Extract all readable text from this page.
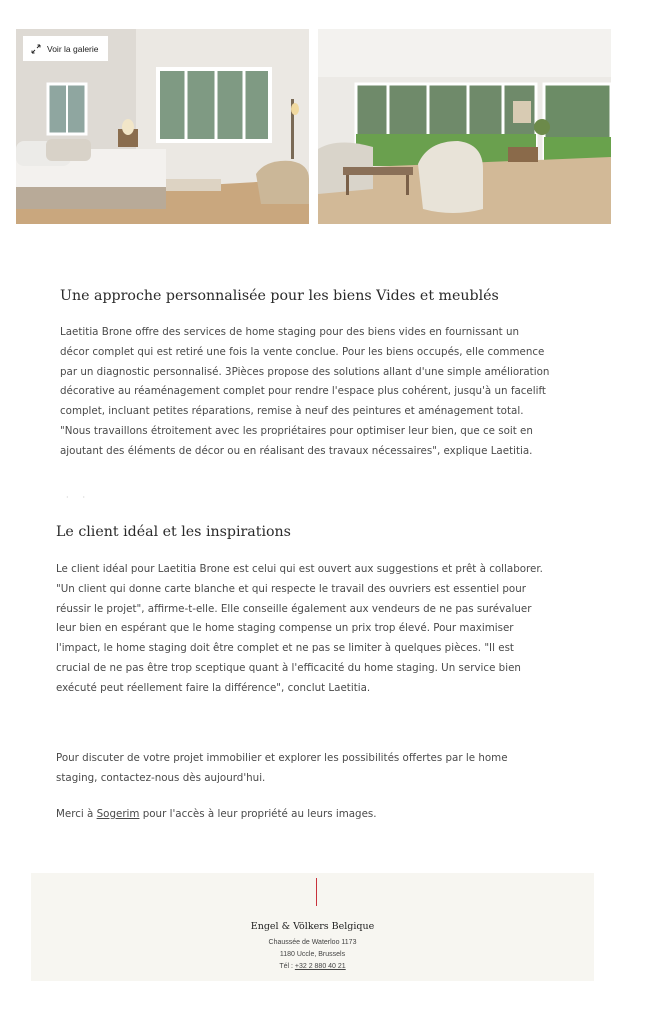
Voir la galerie
Une approche personnalisée pour les biens Vides et meublés

Laetitia Brone offre des services de home staging pour des biens vides en fournissant un décor complet qui est retiré une fois la vente conclue. Pour les biens occupés, elle commence par un diagnostic personnalisé. 3Pièces propose des solutions allant d'une simple amélioration décorative au réaménagement complet pour rendre l'espace plus cohérent, jusqu'à un facelift complet, incluant petites réparations, remise à neuf des peintures et aménagement total. "Nous travaillons étroitement avec les propriétaires pour optimiser leur bien, que ce soit en ajoutant des éléments de décor ou en réalisant des travaux nécessaires", explique Laetitia.

··
Le client idéal et les inspirations

Le client idéal pour Laetitia Brone est celui qui est ouvert aux suggestions et prêt à collaborer. "Un client qui donne carte blanche et qui respecte le travail des ouvriers est essentiel pour réussir le projet", affirme-t-elle. Elle conseille également aux vendeurs de ne pas surévaluer leur bien en espérant que le home staging compense un prix trop élevé. Pour maximiser l'impact, le home staging doit être complet et ne pas se limiter à quelques pièces. "Il est crucial de ne pas être trop sceptique quant à l'efficacité du home staging. Un service bien exécuté peut réellement faire la différence", conclut Laetitia.

Pour discuter de votre projet immobilier et explorer les possibilités offertes par le home staging, contactez-nous dès aujourd'hui.

Merci à Sogerim pour l'accès à leur propriété au leurs images.

Engel & Völkers Belgique
Chaussée de Waterloo 1173
1180 Uccle, Brussels
Tél : +32 2 880 40 21
